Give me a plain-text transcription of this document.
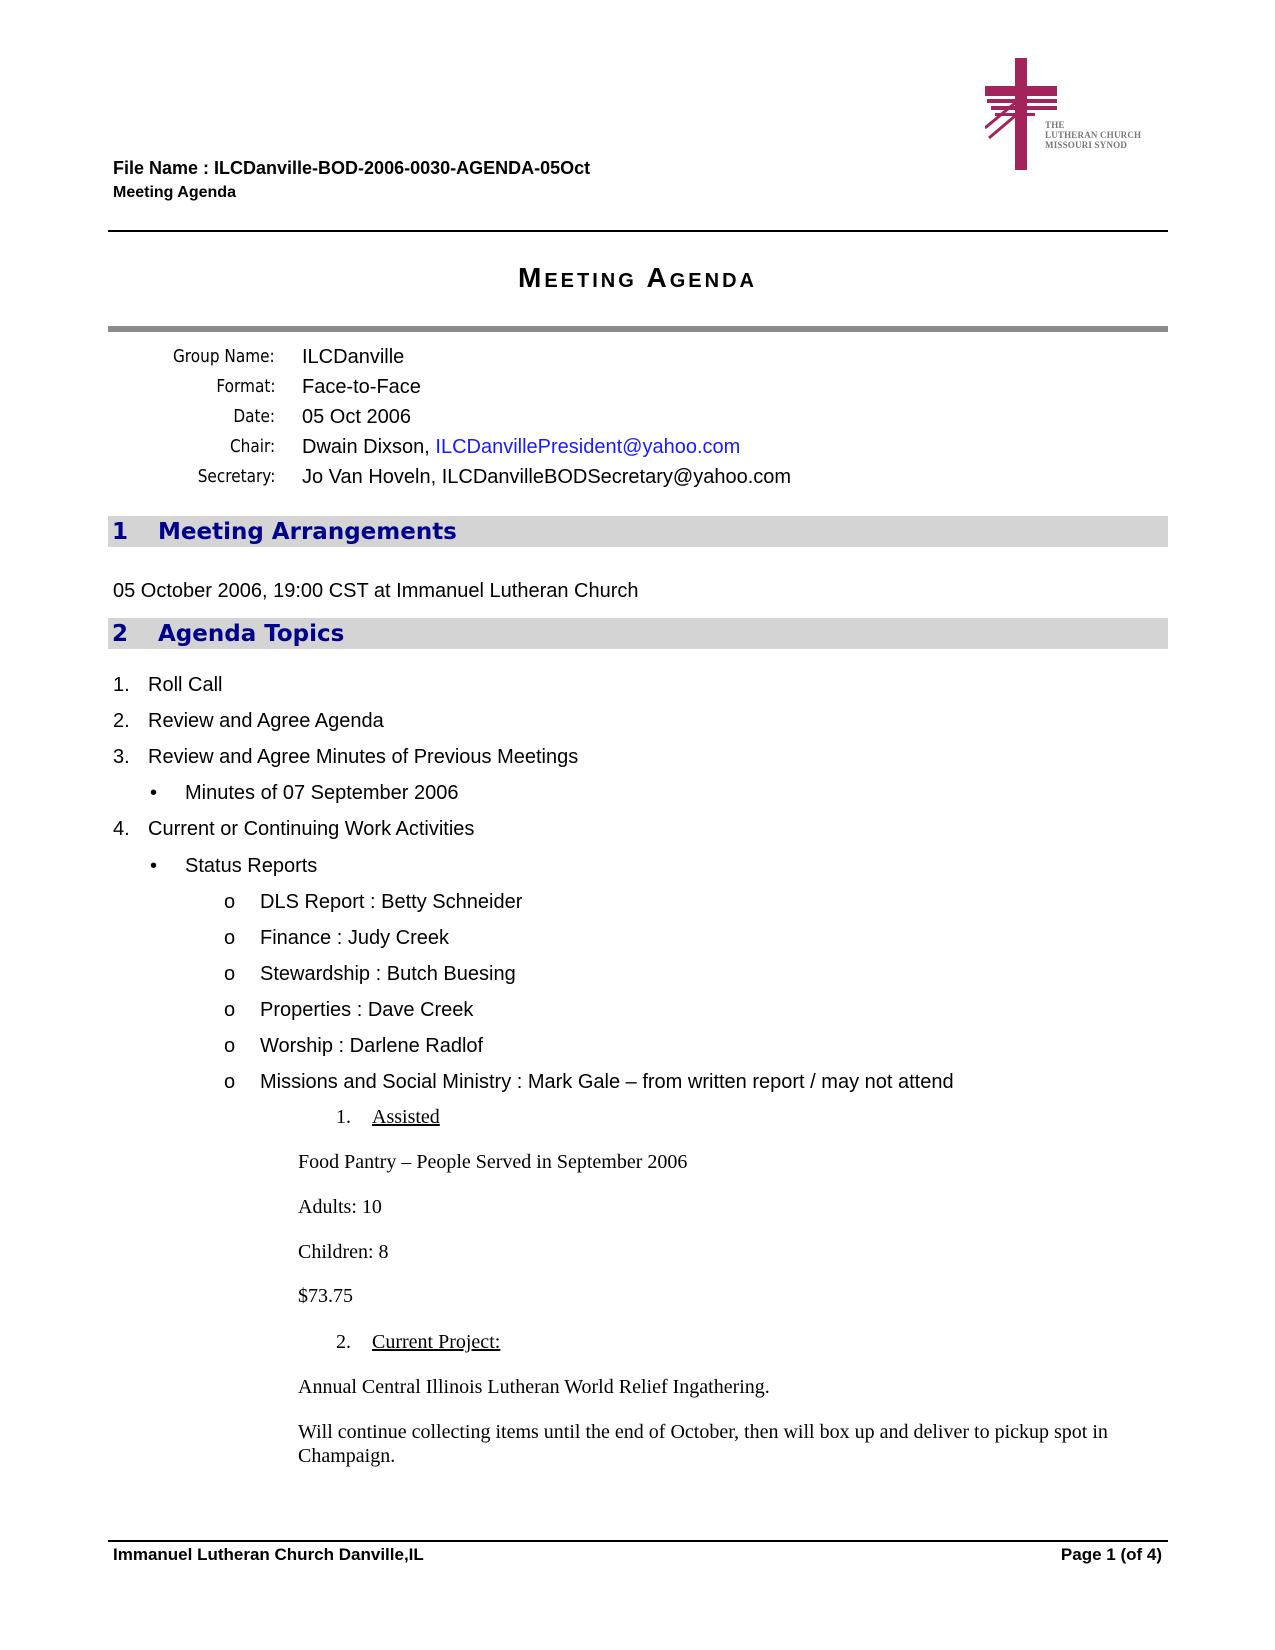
THE
LUTHERAN CHURCH
MISSOURI SYNOD
File Name : ILCDanville-BOD-2006-0030-AGENDA-05Oct
Meeting Agenda
Meeting Agenda
Group Name: ILCDanville
Format: Face-to-Face
Date: 05 Oct 2006
Chair: Dwain Dixson, ILCDanvillePresident@yahoo.com
Secretary: Jo Van Hoveln, ILCDanvilleBODSecretary@yahoo.com
1 Meeting Arrangements
05 October 2006, 19:00 CST at Immanuel Lutheran Church
2 Agenda Topics
1. Roll Call
2. Review and Agree Agenda
3. Review and Agree Minutes of Previous Meetings
• Minutes of 07 September 2006
4. Current or Continuing Work Activities
• Status Reports
o DLS Report : Betty Schneider
o Finance : Judy Creek
o Stewardship : Butch Buesing
o Properties : Dave Creek
o Worship : Darlene Radlof
o Missions and Social Ministry : Mark Gale – from written report / may not attend
1. Assisted
Food Pantry – People Served in September 2006
Adults: 10
Children: 8
$73.75
2. Current Project:
Annual Central Illinois Lutheran World Relief Ingathering.
Will continue collecting items until the end of October, then will box up and deliver to pickup spot in
Champaign.
Immanuel Lutheran Church Danville,IL	Page 1 (of 4)
